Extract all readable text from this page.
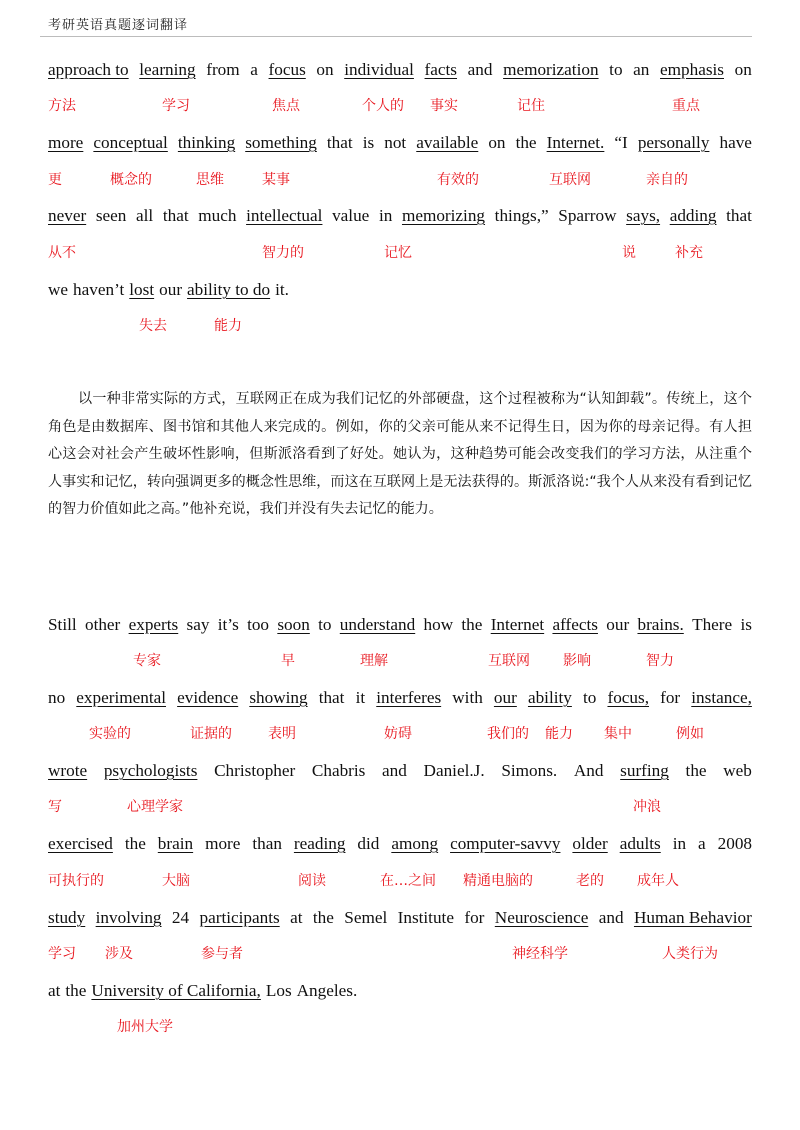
考研英语真题逐词翻译
approach to learning from a focus on individual facts and memorization to an emphasis on
more conceptual thinking something that is not available on the Internet. “I personally have
never seen all that much intellectual value in memorizing things,” Sparrow says, adding that
we haven’t lost our ability to do it.
方法	学习	焦点	个人的 事实	记住	重点
更	概念的	思维	某事	有效的	互联网	亲自的
从不	智力的	记忆	说	补充
失去	能力
以一种非常实际的方式，互联网正在成为我们记忆的外部硬盘，这个过程被称为“认知卸载”。传统上，这个角色是由数据库、图书馆和其他人来完成的。例如，你的父亲可能从来不记得生日，因为你的母亲记得。有人担心这会对社会产生破坏性影响，但斯派洛看到了好处。她认为，这种趋势可能会改变我们的学习方法，从注重个人事实和记忆，转向强调更多的概念性思维，而这在互联网上是无法获得的。斯派洛说:“我个人从来没有看到记忆的智力价值如此之高。”他补充说，我们并没有失去记忆的能力。
Still other experts say it’s too soon to understand how the Internet affects our brains. There is
no experimental evidence showing that it interferes with our ability to focus, for instance,
wrote psychologists Christopher Chabris and Daniel.J. Simons. And surfing the web
exercised the brain more than reading did among computer-savvy older adults in a 2008
study involving 24 participants at the Semel Institute for Neuroscience and Human Behavior
at the University of California, Los Angeles.
专家	早	理解	互联网 影响	智力
实验的	证据的	表明	妨碍	我们的 能力 集中	例如
写	心理学家	冲浪
可执行的	大脑	阅读	在…之间 精通电脑的	老的 成年人
学习 涉及	参与者	神经科学	人类行为
加州大学
